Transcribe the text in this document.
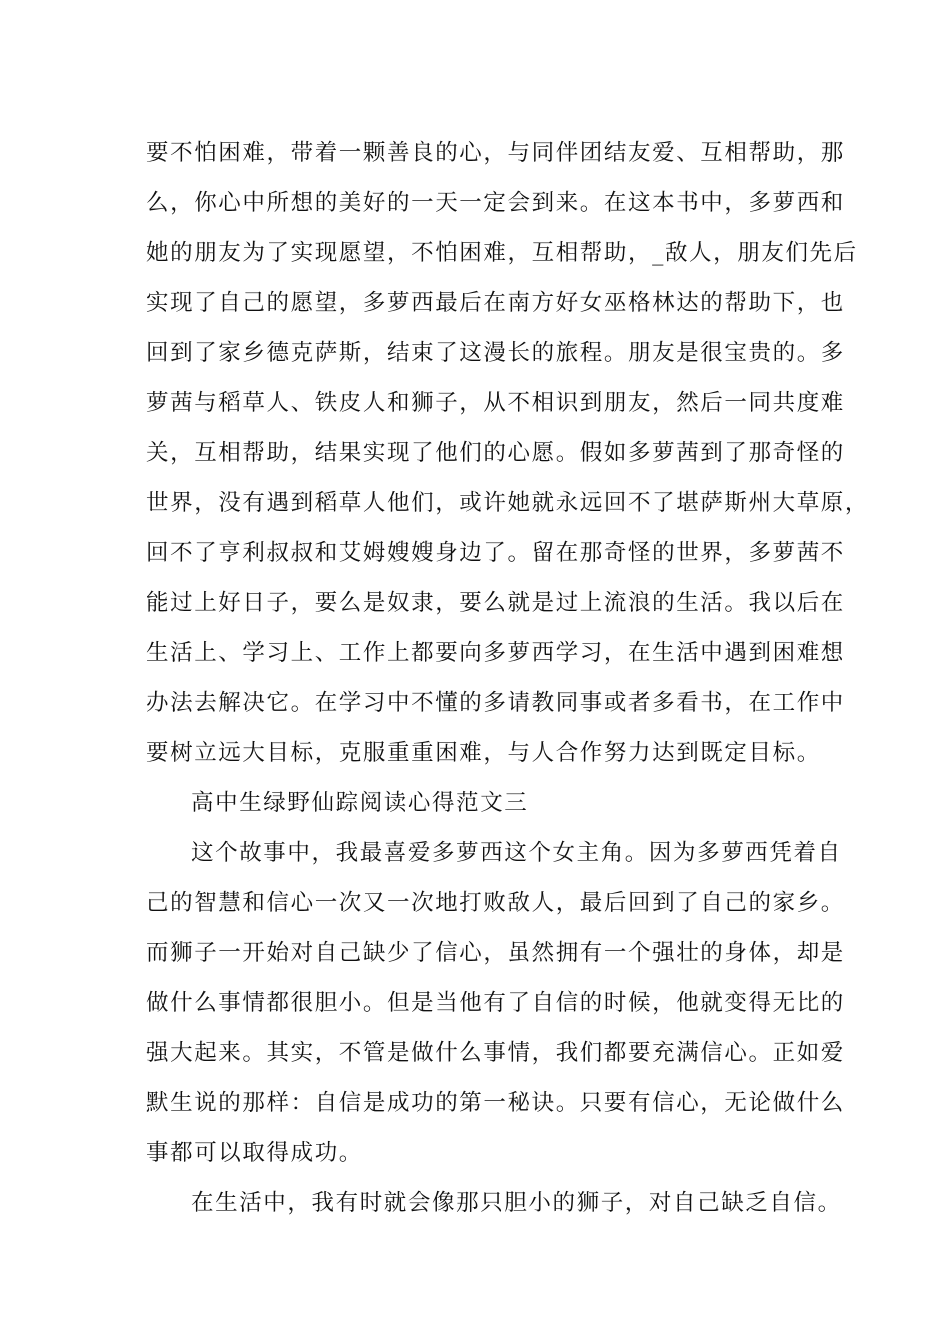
要不怕困难，带着一颗善良的心，与同伴团结友爱、互相帮助，那
么，你心中所想的美好的一天一定会到来。在这本书中，多萝西和
她的朋友为了实现愿望，不怕困难，互相帮助，_敌人，朋友们先后
实现了自己的愿望，多萝西最后在南方好女巫格林达的帮助下，也
回到了家乡德克萨斯，结束了这漫长的旅程。朋友是很宝贵的。多
萝茜与稻草人、铁皮人和狮子，从不相识到朋友，然后一同共度难
关，互相帮助，结果实现了他们的心愿。假如多萝茜到了那奇怪的
世界，没有遇到稻草人他们，或许她就永远回不了堪萨斯州大草原，
回不了亨利叔叔和艾姆嫂嫂身边了。留在那奇怪的世界，多萝茜不
能过上好日子，要么是奴隶，要么就是过上流浪的生活。我以后在
生活上、学习上、工作上都要向多萝西学习，在生活中遇到困难想
办法去解决它。在学习中不懂的多请教同事或者多看书，在工作中
要树立远大目标，克服重重困难，与人合作努力达到既定目标。
高中生绿野仙踪阅读心得范文三
这个故事中，我最喜爱多萝西这个女主角。因为多萝西凭着自
己的智慧和信心一次又一次地打败敌人，最后回到了自己的家乡。
而狮子一开始对自己缺少了信心，虽然拥有一个强壮的身体，却是
做什么事情都很胆小。但是当他有了自信的时候，他就变得无比的
强大起来。其实，不管是做什么事情，我们都要充满信心。正如爱
默生说的那样：自信是成功的第一秘诀。只要有信心，无论做什么
事都可以取得成功。
在生活中，我有时就会像那只胆小的狮子，对自己缺乏自信。
